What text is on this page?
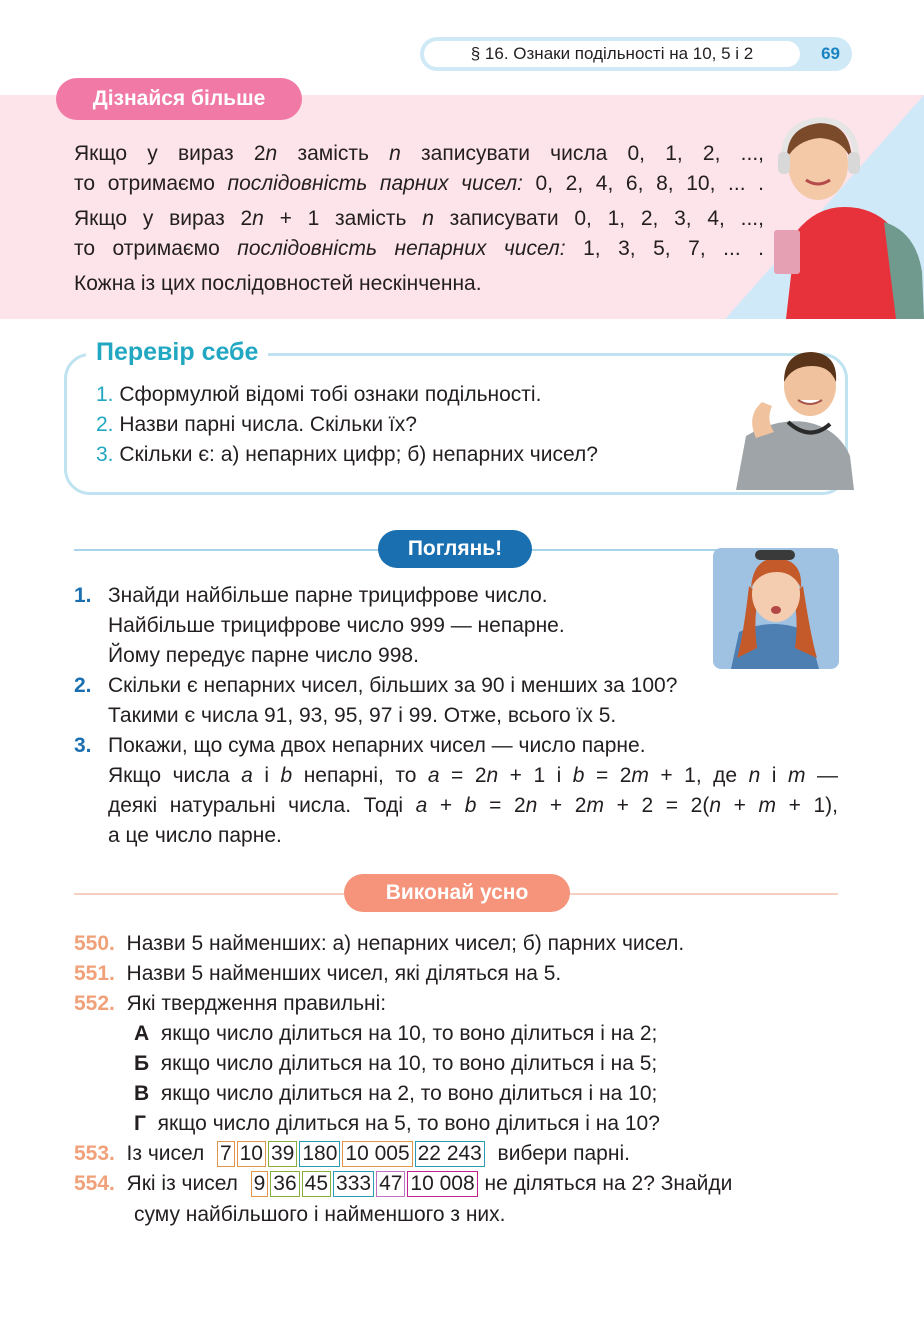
§ 16. Ознаки подільності на 10, 5 і 2	69
Дізнайся більше
Якщо у вираз 2n замість n записувати числа 0, 1, 2, ...,
то отримаємо послідовність парних чисел: 0, 2, 4, 6, 8, 10, ... .
Якщо у вираз 2n + 1 замість n записувати 0, 1, 2, 3, 4, ...,
то отримаємо послідовність непарних чисел: 1, 3, 5, 7, ... .
Кожна із цих послідовностей нескінченна.
Перевір себе
1. Сформулюй відомі тобі ознаки подільності.
2. Назви парні числа. Скільки їх?
3. Скільки є: а) непарних цифр; б) непарних чисел?
Поглянь!
1. Знайди найбільше парне трицифрове число.
Найбільше трицифрове число 999 — непарне.
Йому передує парне число 998.
2. Скільки є непарних чисел, більших за 90 і менших за 100?
Такими є числа 91, 93, 95, 97 і 99. Отже, всього їх 5.
3. Покажи, що сума двох непарних чисел — число парне.
Якщо числа a і b непарні, то a = 2n + 1 і b = 2m + 1, де n і m —
деякі натуральні числа. Тоді a + b = 2n + 2m + 2 = 2(n + m + 1),
а це число парне.
Виконай усно
550. Назви 5 найменших: а) непарних чисел; б) парних чисел.
551. Назви 5 найменших чисел, які діляться на 5.
552. Які твердження правильні:
А якщо число ділиться на 10, то воно ділиться і на 2;
Б якщо число ділиться на 10, то воно ділиться і на 5;
В якщо число ділиться на 2, то воно ділиться і на 10;
Г якщо число ділиться на 5, то воно ділиться і на 10?
553. Із чисел 7 10 39 180 10 005 22 243 вибери парні.
554. Які із чисел 9 36 45 333 47 10 008 не діляться на 2? Знайди
суму найбільшого і найменшого з них.
